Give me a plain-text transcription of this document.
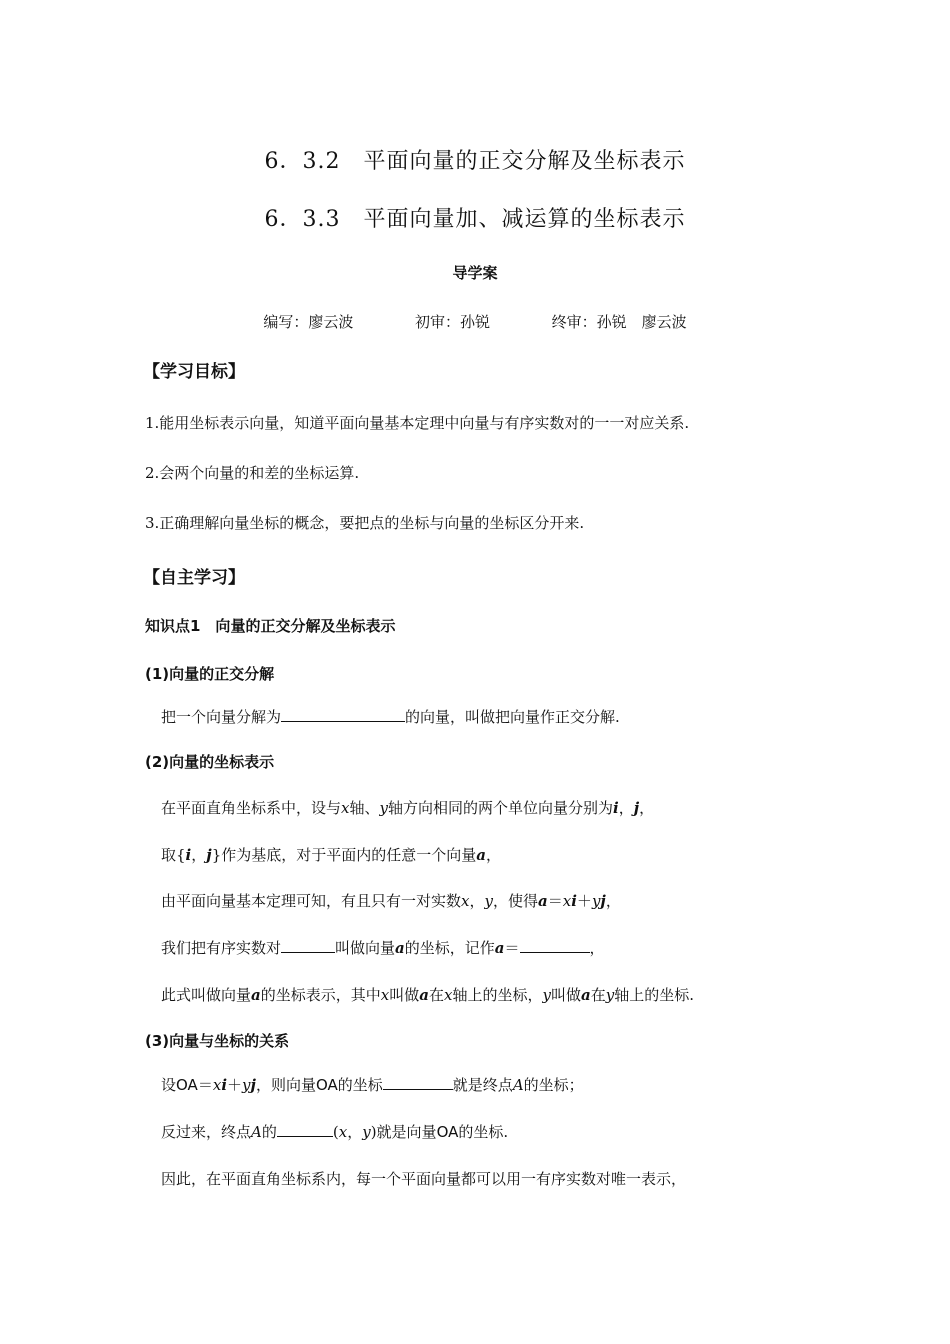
6．3.2　平面向量的正交分解及坐标表示
6．3.3　平面向量加、减运算的坐标表示
导学案
编写：廖云波	初审：孙锐	终审：孙锐　廖云波
【学习目标】
1.能用坐标表示向量，知道平面向量基本定理中向量与有序实数对的一一对应关系.
2.会两个向量的和差的坐标运算.
3.正确理解向量坐标的概念，要把点的坐标与向量的坐标区分开来.
【自主学习】
知识点1　向量的正交分解及坐标表示
(1)向量的正交分解
把一个向量分解为	的向量，叫做把向量作正交分解.
(2)向量的坐标表示
在平面直角坐标系中，设与x轴、y轴方向相同的两个单位向量分别为i，j，
取{i，j}作为基底，对于平面内的任意一个向量a，
由平面向量基本定理可知，有且只有一对实数x，y，使得a＝xi＋yj，
我们把有序实数对	叫做向量a的坐标，记作a＝	，
此式叫做向量a的坐标表示，其中x叫做a在x轴上的坐标，y叫做a在y轴上的坐标.
(3)向量与坐标的关系
设OA＝xi＋yj，则向量OA的坐标	就是终点A的坐标；
反过来，终点A的	(x，y)就是向量OA的坐标.
因此，在平面直角坐标系内，每一个平面向量都可以用一有序实数对唯一表示，
